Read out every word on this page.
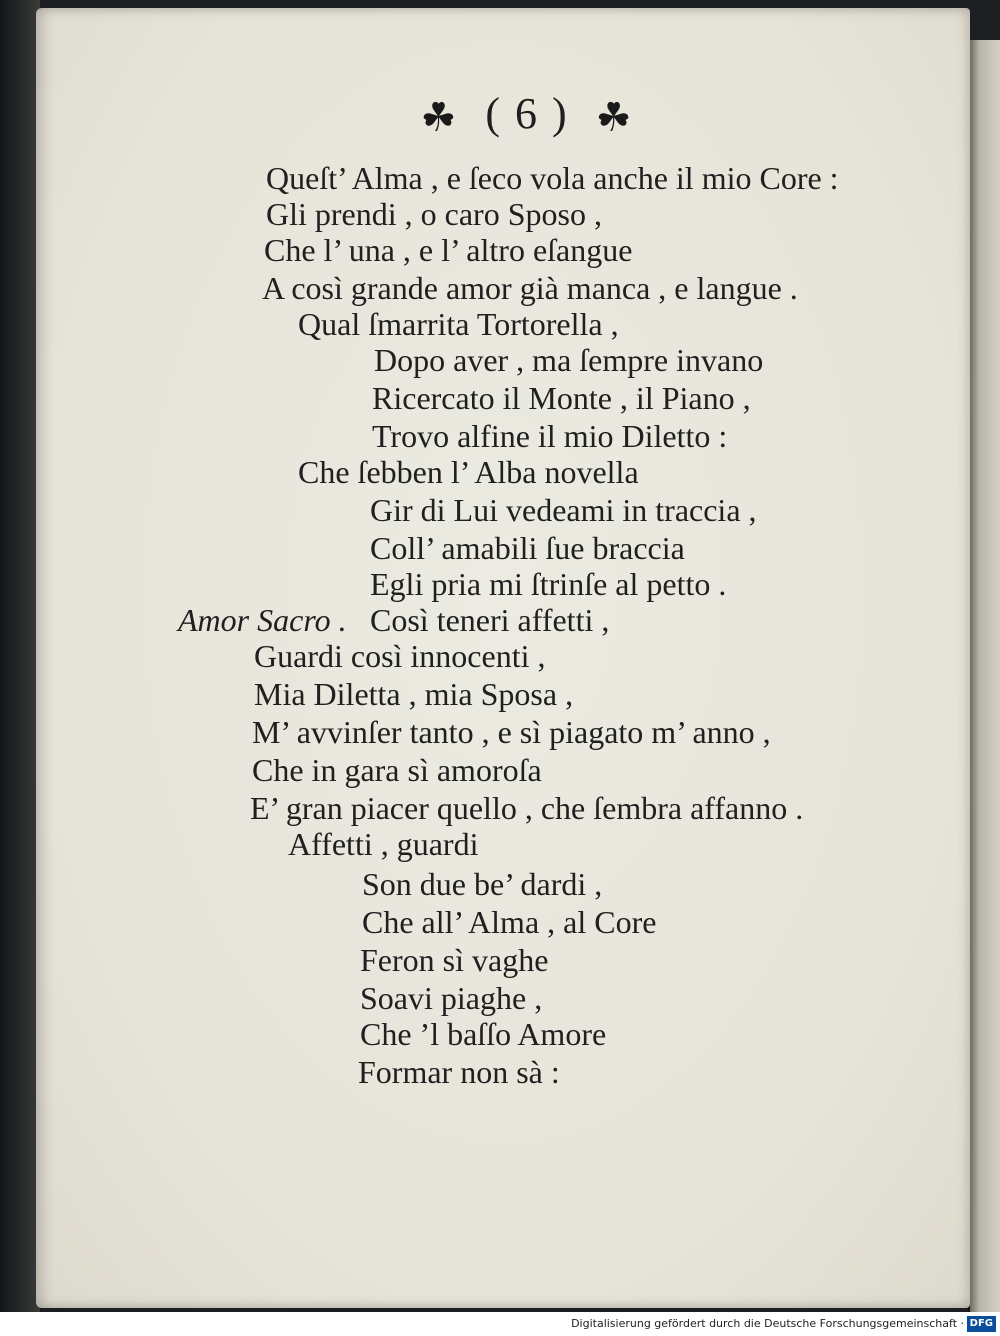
☘ ( 6 ) ☘
Queſt’ Alma , e ſeco vola anche il mio Core :
Gli prendi , o caro Sposo ,
Che l’ una , e l’ altro eſangue
A così grande amor già manca , e langue .
Qual ſmarrita Tortorella ,
Dopo aver , ma ſempre invano
Ricercato il Monte , il Piano ,
Trovo alfine il mio Diletto :
Che ſebben l’ Alba novella
Gir di Lui vedeami in traccia ,
Coll’ amabili ſue braccia
Egli pria mi ſtrinſe al petto .
Amor Sacro . Così teneri affetti ,
Guardi così innocenti ,
Mia Diletta , mia Sposa ,
M’ avvinſer tanto , e sì piagato m’ anno ,
Che in gara sì amoroſa
E’ gran piacer quello , che ſembra affanno .
Affetti , guardi
Son due be’ dardi ,
Che all’ Alma , al Core
Feron sì vaghe
Soavi piaghe ,
Che ’l baſſo Amore
Formar non sà :
Digitalisierung gefördert durch die Deutsche Forschungsgemeinschaft · DFG
